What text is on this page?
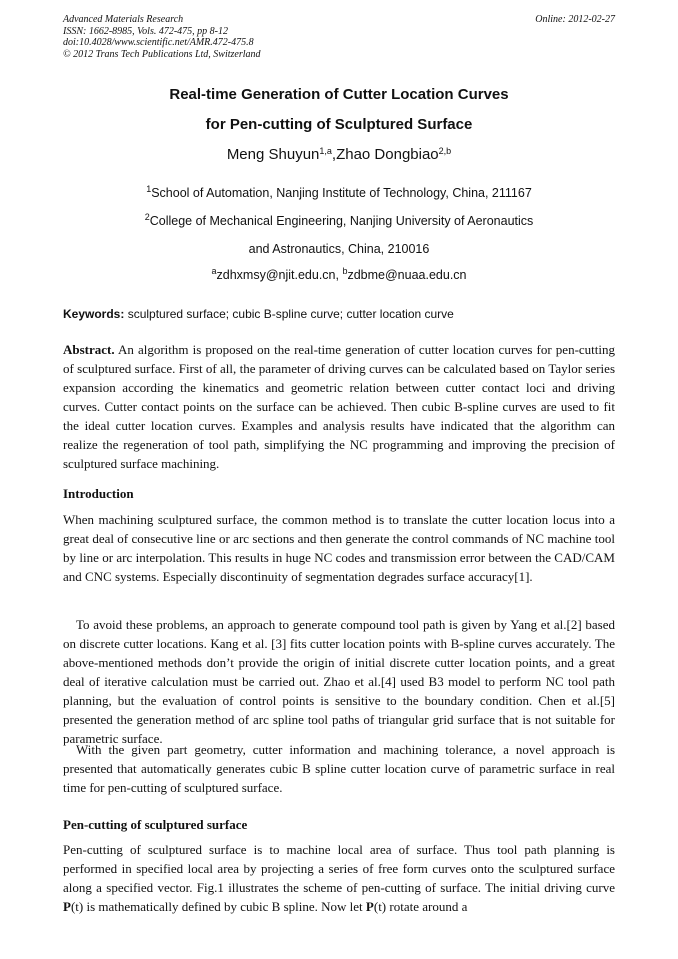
Advanced Materials Research
ISSN: 1662-8985, Vols. 472-475, pp 8-12
doi:10.4028/www.scientific.net/AMR.472-475.8
© 2012 Trans Tech Publications Ltd, Switzerland
Online: 2012-02-27
Real-time Generation of Cutter Location Curves
for Pen-cutting of Sculptured Surface
Meng Shuyun$^{1,a}$,Zhao Dongbiao$^{2,b}$
$^1$School of Automation, Nanjing Institute of Technology, China, 211167
$^2$College of Mechanical Engineering, Nanjing University of Aeronautics
and Astronautics, China, 210016
$^a$zdhxmsy@njit.edu.cn, $^b$zdbme@nuaa.edu.cn
Keywords: sculptured surface; cubic B-spline curve; cutter location curve
Abstract. An algorithm is proposed on the real-time generation of cutter location curves for pen-cutting of sculptured surface. First of all, the parameter of driving curves can be calculated based on Taylor series expansion according the kinematics and geometric relation between cutter contact loci and driving curves. Cutter contact points on the surface can be achieved. Then cubic B-spline curves are used to fit the ideal cutter location curves. Examples and analysis results have indicated that the algorithm can realize the regeneration of tool path, simplifying the NC programming and improving the precision of sculptured surface machining.
Introduction
When machining sculptured surface, the common method is to translate the cutter location locus into a great deal of consecutive line or arc sections and then generate the control commands of NC machine tool by line or arc interpolation. This results in huge NC codes and transmission error between the CAD/CAM and CNC systems. Especially discontinuity of segmentation degrades surface accuracy[1].
To avoid these problems, an approach to generate compound tool path is given by Yang et al.[2] based on discrete cutter locations. Kang et al. [3] fits cutter location points with B-spline curves accurately. The above-mentioned methods don’t provide the origin of initial discrete cutter location points, and a great deal of iterative calculation must be carried out. Zhao et al.[4] used B3 model to perform NC tool path planning, but the evaluation of control points is sensitive to the boundary condition. Chen et al.[5] presented the generation method of arc spline tool paths of triangular grid surface that is not suitable for parametric surface.
With the given part geometry, cutter information and machining tolerance, a novel approach is presented that automatically generates cubic B spline cutter location curve of parametric surface in real time for pen-cutting of sculptured surface.
Pen-cutting of sculptured surface
Pen-cutting of sculptured surface is to machine local area of surface. Thus tool path planning is performed in specified local area by projecting a series of free form curves onto the sculptured surface along a specified vector. Fig.1 illustrates the scheme of pen-cutting of surface. The initial driving curve P(t) is mathematically defined by cubic B spline. Now let P(t) rotate around a
